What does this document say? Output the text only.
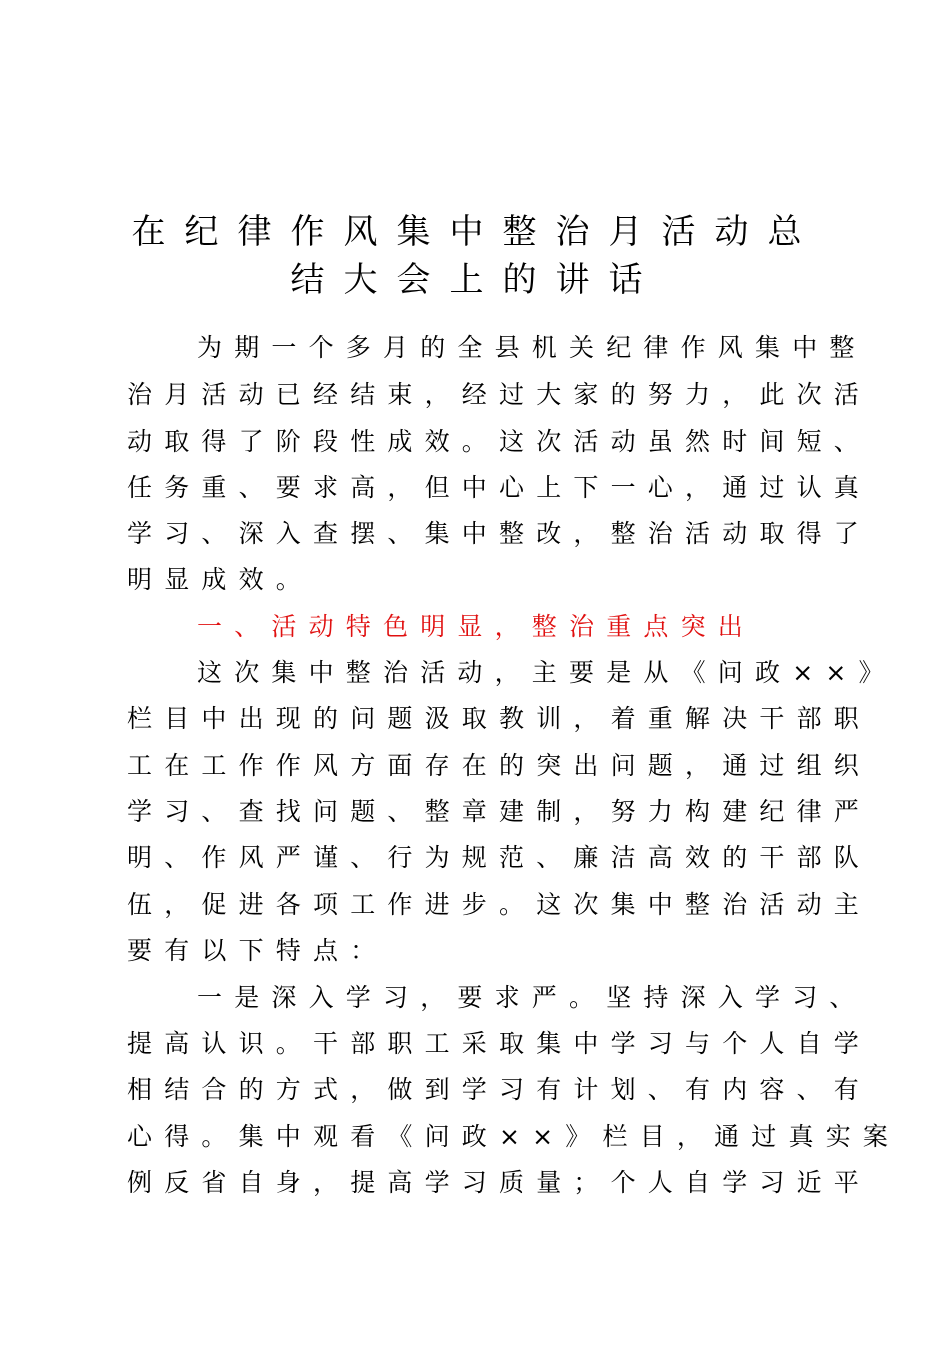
在纪律作风集中整治月活动总
结大会上的讲话
为期一个多月的全县机关纪律作风集中整
治月活动已经结束，经过大家的努力，此次活
动取得了阶段性成效。这次活动虽然时间短、
任务重、要求高，但中心上下一心，通过认真
学习、深入查摆、集中整改，整治活动取得了
明显成效。
一、活动特色明显，整治重点突出
这次集中整治活动，主要是从《问政××》
栏目中出现的问题汲取教训，着重解决干部职
工在工作作风方面存在的突出问题，通过组织
学习、查找问题、整章建制，努力构建纪律严
明、作风严谨、行为规范、廉洁高效的干部队
伍，促进各项工作进步。这次集中整治活动主
要有以下特点：
一是深入学习，要求严。坚持深入学习、
提高认识。干部职工采取集中学习与个人自学
相结合的方式，做到学习有计划、有内容、有
心得。集中观看《问政××》栏目，通过真实案
例反省自身，提高学习质量；个人自学习近平
